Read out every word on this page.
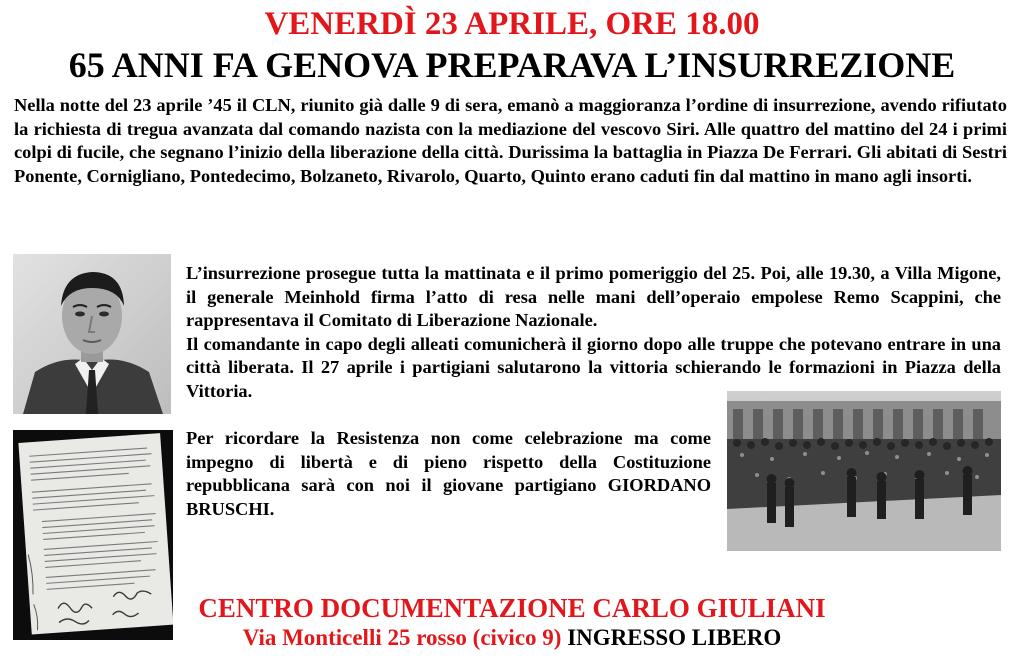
VENERDÌ 23 APRILE, ORE 18.00
65 ANNI FA GENOVA PREPARAVA L’INSURREZIONE

Nella notte del 23 aprile ’45 il CLN, riunito già dalle 9 di sera, emanò a maggioranza l’ordine di insurrezione, avendo rifiutato la richiesta di tregua avanzata dal comando nazista con la mediazione del vescovo Siri. Alle quattro del mattino del 24 i primi colpi di fucile, che segnano l’inizio della liberazione della città. Durissima la battaglia in Piazza De Ferrari. Gli abitati di Sestri Ponente, Cornigliano, Pontedecimo, Bolzaneto, Rivarolo, Quarto, Quinto erano caduti fin dal mattino in mano agli insorti.

L’insurrezione prosegue tutta la mattinata e il primo pomeriggio del 25. Poi, alle 19.30, a Villa Migone, il generale Meinhold firma l’atto di resa nelle mani dell’operaio empolese Remo Scappini, che rappresentava il Comitato di Liberazione Nazionale.
Il comandante in capo degli alleati comunicherà il giorno dopo alle truppe che potevano entrare in una città liberata. Il 27 aprile i partigiani salutarono la vittoria schierando le formazioni in Piazza della Vittoria.

Per ricordare la Resistenza non come celebrazione ma come impegno di libertà e di pieno rispetto della Costituzione repubblicana sarà con noi il giovane partigiano GIORDANO BRUSCHI.

CENTRO DOCUMENTAZIONE CARLO GIULIANI

Via Monticelli 25 rosso (civico 9) INGRESSO LIBERO
